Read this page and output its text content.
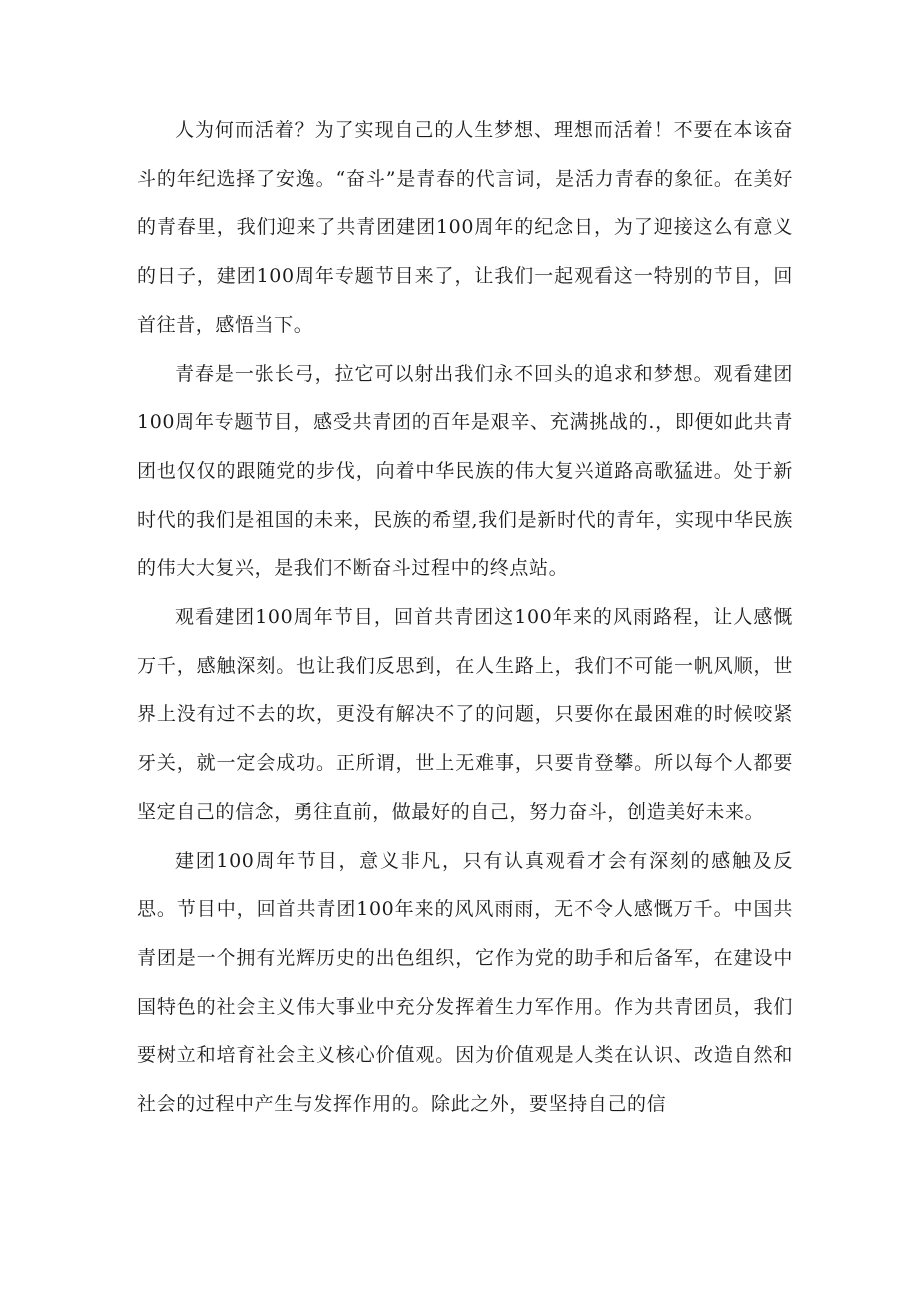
人为何而活着？为了实现自己的人生梦想、理想而活着！不要在本该奋斗的年纪选择了安逸。“奋斗”是青春的代言词，是活力青春的象征。在美好的青春里，我们迎来了共青团建团100周年的纪念日，为了迎接这么有意义的日子，建团100周年专题节目来了，让我们一起观看这一特别的节目，回首往昔，感悟当下。

青春是一张长弓，拉它可以射出我们永不回头的追求和梦想。观看建团100周年专题节目，感受共青团的百年是艰辛、充满挑战的.，即便如此共青团也仅仅的跟随党的步伐，向着中华民族的伟大复兴道路高歌猛进。处于新时代的我们是祖国的未来，民族的希望,我们是新时代的青年，实现中华民族的伟大大复兴，是我们不断奋斗过程中的终点站。

观看建团100周年节目，回首共青团这100年来的风雨路程，让人感慨万千，感触深刻。也让我们反思到，在人生路上，我们不可能一帆风顺，世界上没有过不去的坎，更没有解决不了的问题，只要你在最困难的时候咬紧牙关，就一定会成功。正所谓，世上无难事，只要肯登攀。所以每个人都要坚定自己的信念，勇往直前，做最好的自己，努力奋斗，创造美好未来。

建团100周年节目，意义非凡，只有认真观看才会有深刻的感触及反思。节目中，回首共青团100年来的风风雨雨，无不令人感慨万千。中国共青团是一个拥有光辉历史的出色组织，它作为党的助手和后备军，在建设中国特色的社会主义伟大事业中充分发挥着生力军作用。作为共青团员，我们要树立和培育社会主义核心价值观。因为价值观是人类在认识、改造自然和社会的过程中产生与发挥作用的。除此之外，要坚持自己的信
